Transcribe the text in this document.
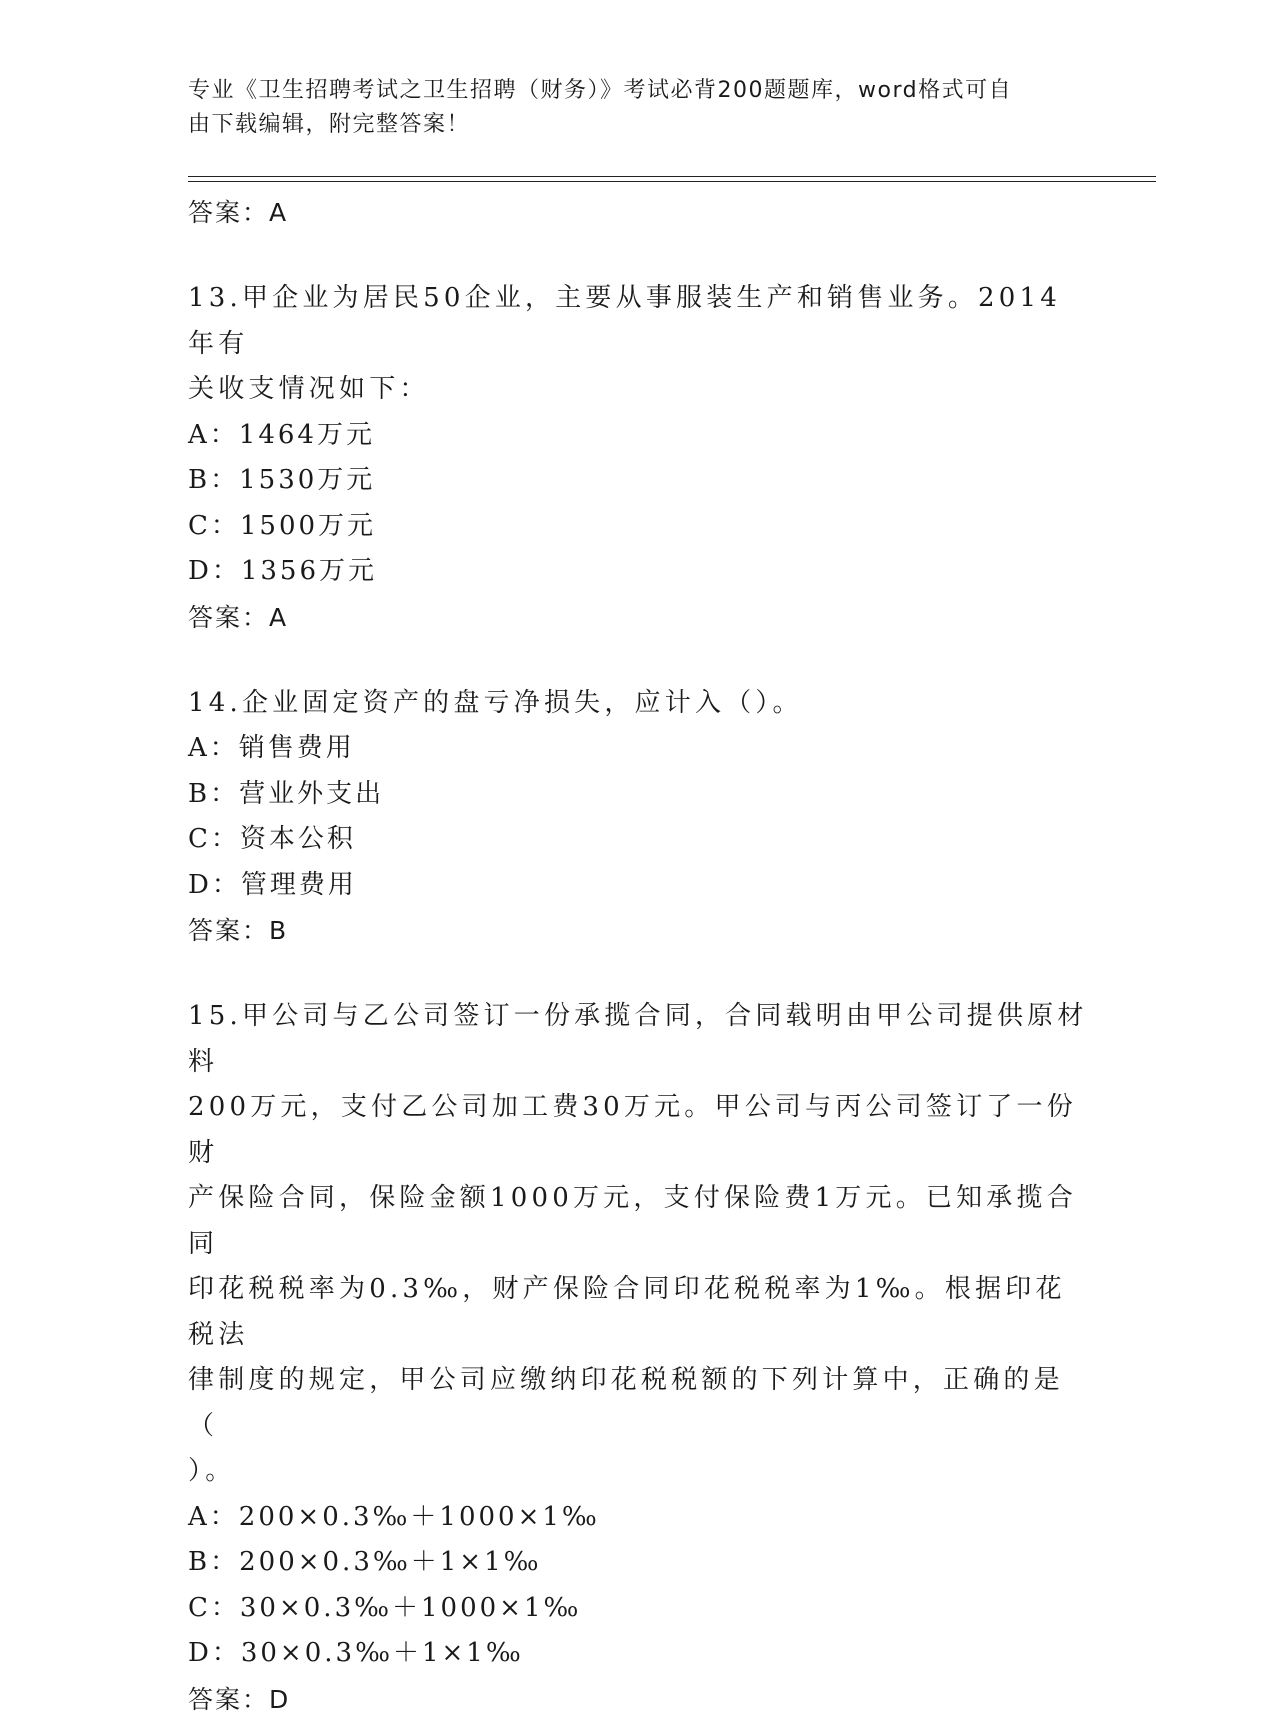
专业《卫生招聘考试之卫生招聘（财务）》考试必背200题题库，word格式可自
由下载编辑，附完整答案！
答案：A
13.甲企业为居民50企业，主要从事服装生产和销售业务。2014年有
关收支情况如下：
A：1464万元
B：1530万元
C：1500万元
D：1356万元
答案：A
14.企业固定资产的盘亏净损失，应计入（）。
A：销售费用
B：营业外支出
C：资本公积
D：管理费用
答案：B
15.甲公司与乙公司签订一份承揽合同，合同载明由甲公司提供原材料
200万元，支付乙公司加工费30万元。甲公司与丙公司签订了一份财
产保险合同，保险金额1000万元，支付保险费1万元。已知承揽合同
印花税税率为0.3‰，财产保险合同印花税税率为1‰。根据印花税法
律制度的规定，甲公司应缴纳印花税税额的下列计算中，正确的是（
）。
A：200×0.3‰＋1000×1‰
B：200×0.3‰＋1×1‰
C：30×0.3‰＋1000×1‰
D：30×0.3‰＋1×1‰
答案：D
